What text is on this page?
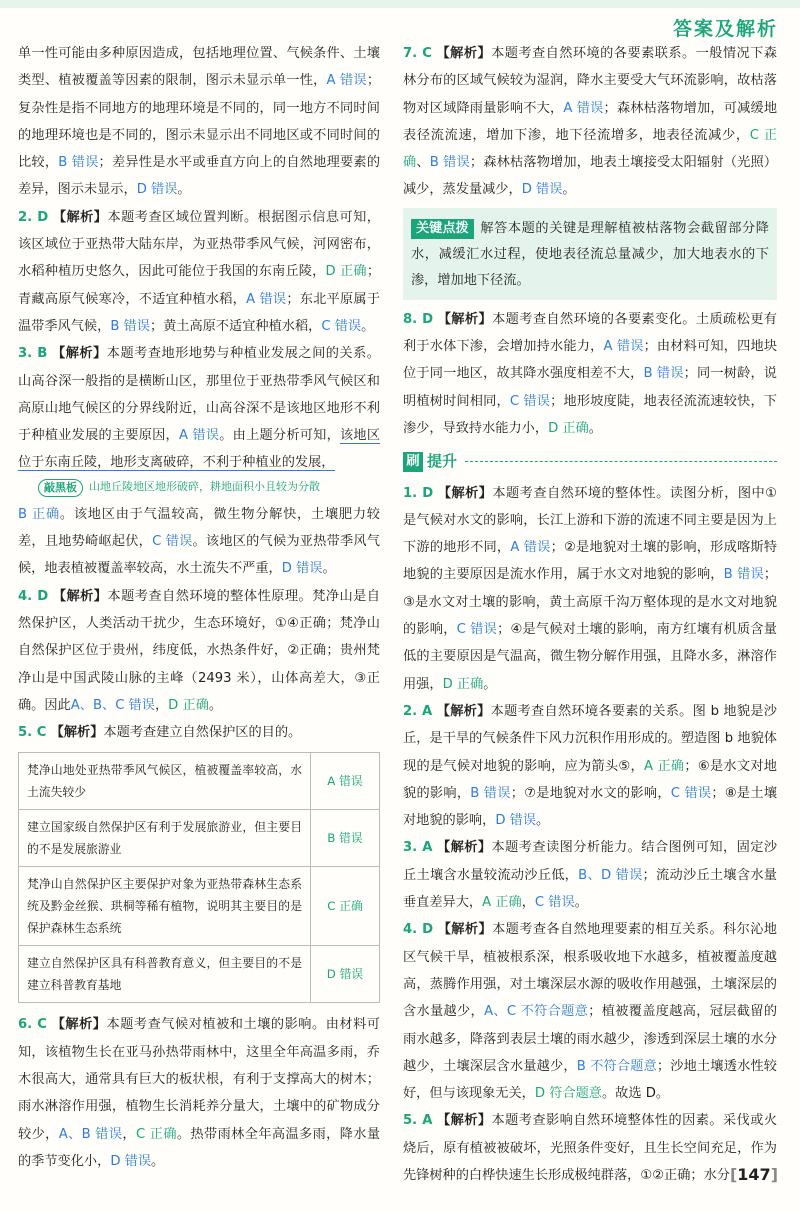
答案及解析

单一性可能由多种原因造成，包括地理位置、气候条件、土壤类型、植被覆盖等因素的限制，图示未显示单一性，A 错误；复杂性是指不同地方的地理环境是不同的，同一地方不同时间的地理环境也是不同的，图示未显示出不同地区或不同时间的比较，B 错误；差异性是水平或垂直方向上的自然地理要素的差异，图示未显示，D 错误。

2. D 【解析】本题考查区域位置判断。根据图示信息可知，该区域位于亚热带大陆东岸，为亚热带季风气候，河网密布，水稻种植历史悠久，因此可能位于我国的东南丘陵，D 正确；青藏高原气候寒冷，不适宜种植水稻，A 错误；东北平原属于温带季风气候，B 错误；黄土高原不适宜种植水稻，C 错误。

3. B 【解析】本题考查地形地势与种植业发展之间的关系。山高谷深一般指的是横断山区，那里位于亚热带季风气候区和高原山地气候区的分界线附近，山高谷深不是该地区地形不利于种植业发展的主要原因，A 错误。由上题分析可知，该地区位于东南丘陵，地形支离破碎，不利于种植业的发展，

敲黑板	山地丘陵地区地形破碎，耕地面积小且较为分散

B 正确。该地区由于气温较高，微生物分解快，土壤肥力较差，且地势崎岖起伏，C 错误。该地区的气候为亚热带季风气候，地表植被覆盖率较高，水土流失不严重，D 错误。

4. D 【解析】本题考查自然环境的整体性原理。梵净山是自然保护区，人类活动干扰少，生态环境好，①④正确；梵净山自然保护区位于贵州，纬度低，水热条件好，②正确；贵州梵净山是中国武陵山脉的主峰（2493 米），山体高差大，③正确。因此A、B、C 错误，D 正确。

5. C 【解析】本题考查建立自然保护区的目的。

梵净山地处亚热带季风气候区，植被覆盖率较高，水土流失较少	A 错误
建立国家级自然保护区有利于发展旅游业，但主要目的不是发展旅游业	B 错误
梵净山自然保护区主要保护对象为亚热带森林生态系统及黔金丝猴、珙桐等稀有植物，说明其主要目的是保护森林生态系统	C 正确
建立自然保护区具有科普教育意义，但主要目的不是建立科普教育基地	D 错误

6. C 【解析】本题考查气候对植被和土壤的影响。由材料可知，该植物生长在亚马孙热带雨林中，这里全年高温多雨，乔木很高大，通常具有巨大的板状根，有利于支撑高大的树木；雨水淋溶作用强，植物生长消耗养分量大，土壤中的矿物成分较少，A、B 错误，C 正确。热带雨林全年高温多雨，降水量的季节变化小，D 错误。

7. C 【解析】本题考查自然环境的各要素联系。一般情况下森林分布的区域气候较为湿润，降水主要受大气环流影响，故枯落物对区域降雨量影响不大，A 错误；森林枯落物增加，可减缓地表径流流速，增加下渗，地下径流增多，地表径流减少，C 正确、B 错误；森林枯落物增加，地表土壤接受太阳辐射（光照）减少，蒸发量减少，D 错误。

关键点拨 解答本题的关键是理解植被枯落物会截留部分降水，减缓汇水过程，使地表径流总量减少，加大地表水的下渗，增加地下径流。

8. D 【解析】本题考查自然环境的各要素变化。土质疏松更有利于水体下渗，会增加持水能力，A 错误；由材料可知，四地块位于同一地区，故其降水强度相差不大，B 错误；同一树龄，说明植树时间相同，C 错误；地形坡度陡，地表径流流速较快，下渗少，导致持水能力小，D 正确。

刷 提升

1. D 【解析】本题考查自然环境的整体性。读图分析，图中①是气候对水文的影响，长江上游和下游的流速不同主要是因为上下游的地形不同，A 错误；②是地貌对土壤的影响，形成喀斯特地貌的主要原因是流水作用，属于水文对地貌的影响，B 错误；③是水文对土壤的影响，黄土高原千沟万壑体现的是水文对地貌的影响，C 错误；④是气候对土壤的影响，南方红壤有机质含量低的主要原因是气温高，微生物分解作用强，且降水多，淋溶作用强，D 正确。

2. A 【解析】本题考查自然环境各要素的关系。图 b 地貌是沙丘，是干旱的气候条件下风力沉积作用形成的。塑造图 b 地貌体现的是气候对地貌的影响，应为箭头⑤，A 正确；⑥是水文对地貌的影响，B 错误；⑦是地貌对水文的影响，C 错误；⑧是土壤对地貌的影响，D 错误。

3. A 【解析】本题考查读图分析能力。结合图例可知，固定沙丘土壤含水量较流动沙丘低，B、D 错误；流动沙丘土壤含水量垂直差异大，A 正确，C 错误。

4. D 【解析】本题考查各自然地理要素的相互关系。科尔沁地区气候干旱，植被根系深，根系吸收地下水越多，植被覆盖度越高，蒸腾作用强，对土壤深层水源的吸收作用越强，土壤深层的含水量越少，A、C 不符合题意；植被覆盖度越高，冠层截留的雨水越多，降落到表层土壤的雨水越少，渗透到深层土壤的水分越少，土壤深层含水量越少，B 不符合题意；沙地土壤透水性较好，但与该现象无关，D 符合题意。故选 D。

5. A 【解析】本题考查影响自然环境整体性的因素。采伐或火烧后，原有植被被破坏，光照条件变好，且生长空间充足，作为先锋树种的白桦快速生长形成极纯群落，①②正确；水分 [147]
